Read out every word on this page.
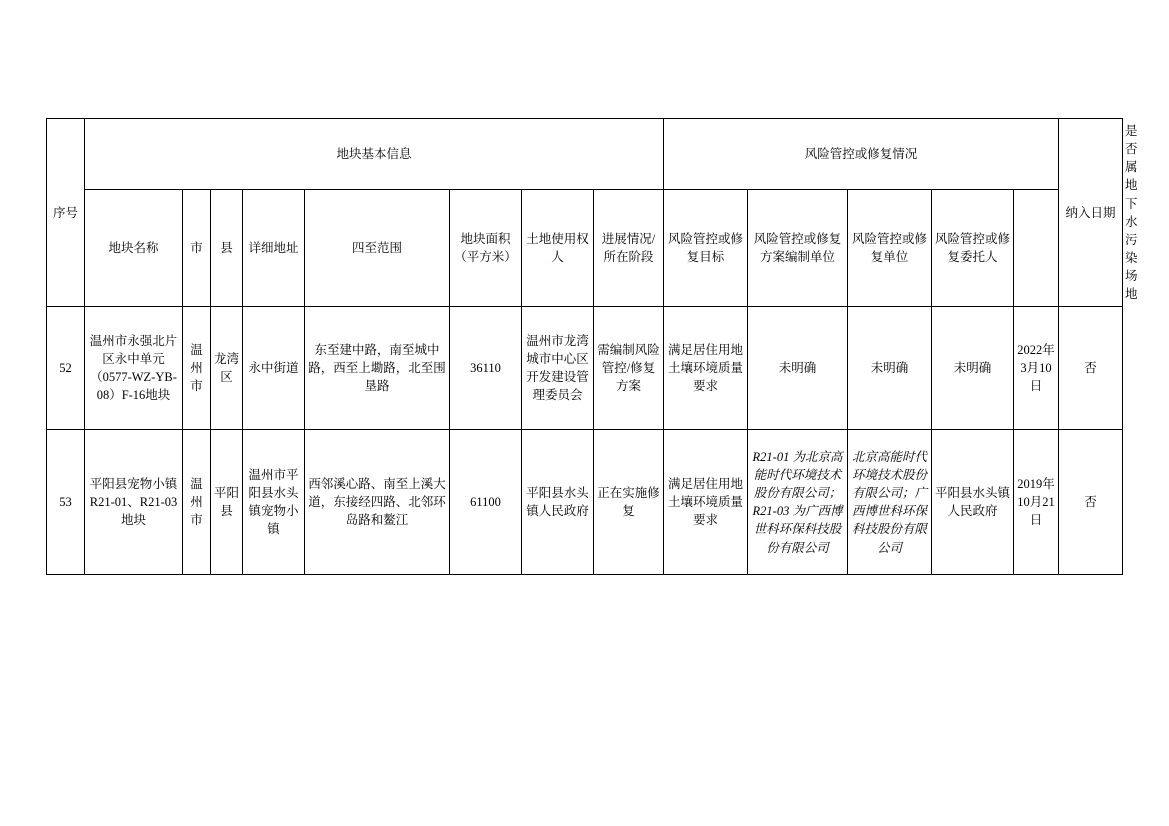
序号	地块基本信息								风险管控或修复情况					纳入日期	是否属地下水污染场地
	地块名称	市	县	详细地址	四至范围	地块面积（平方米）	土地使用权人	进展情况/所在阶段	风险管控或修复目标	风险管控或修复方案编制单位	风险管控或修复单位	风险管控或修复委托人			
52	温州市永强北片区永中单元（0577-WZ-YB-08）F-16地块	温州市	龙湾区	永中街道	东至建中路，南至城中路，西至上墈路，北至围垦路	36110	温州市龙湾城市中心区开发建设管理委员会	需编制风险管控/修复方案	满足居住用地土壤环境质量要求	未明确	未明确	未明确	2022年3月10日	否	
53	平阳县宠物小镇 R21-01、R21-03 地块	温州市	平阳县	温州市平阳县水头镇宠物小镇	西邻溪心路、南至上溪大道，东接经四路、北邻环岛路和鳌江	61100	平阳县水头镇人民政府	正在实施修复	满足居住用地土壤环境质量要求	R21-01 为北京高能时代环境技术股份有限公司；R21-03 为广西博世科环保科技股份有限公司	北京高能时代环境技术股份有限公司；广西博世科环保科技股份有限公司	平阳县水头镇人民政府	2019年10月21日	否	
